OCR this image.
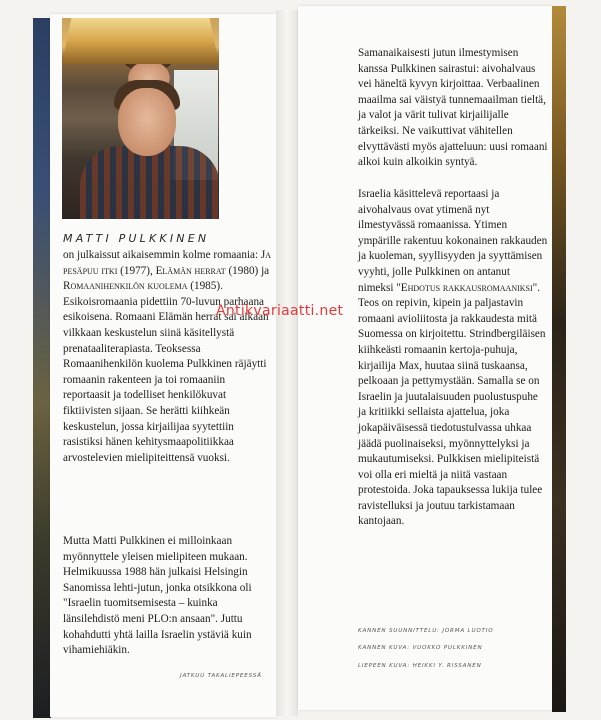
MATTI PULKKINEN
on julkaissut aikaisemmin kolme romaania: Ja pesäpuu itki (1977), Elämän herrat (1980) ja Romaanihenkilön kuolema (1985). Esikoisromaania pidettiin 70-luvun parhaana esikoisena. Romaani Elämän herrat sai aikaan vilkkaan keskustelun siinä käsitellystä prenataaliterapiasta. Teoksessa Romaanihenkilön kuolema Pulkkinen räjäytti romaanin rakenteen ja toi romaaniin reportaasit ja todelliset henkilökuvat fiktiivisten sijaan. Se herätti kiihkeän keskustelun, jossa kirjailijaa syytettiin rasistiksi hänen kehitysmaapolitiikkaa arvostelevien mielipiteittensä vuoksi.
Mutta Matti Pulkkinen ei milloinkaan myönnyttele yleisen mielipiteen mukaan. Helmikuussa 1988 hän julkaisi Helsingin Sanomissa lehti-jutun, jonka otsikkona oli "Israelin tuomitsemisesta – kuinka länsilehdistö meni PLO:n ansaan". Juttu kohahdutti yhtä lailla Israelin ystäviä kuin vihamiehiäkin.
JATKUU TAKALIEPEESSÄ
Samanaikaisesti jutun ilmestymisen kanssa Pulkkinen sairastui: aivohalvaus vei häneltä kyvyn kirjoittaa. Verbaalinen maailma sai väistyä tunnemaailman tieltä, ja valot ja värit tulivat kirjailijalle tärkeiksi. Ne vaikuttivat vähitellen elvyttävästi myös ajatteluun: uusi romaani alkoi kuin alkoikin syntyä.
Israelia käsittelevä reportaasi ja aivohalvaus ovat ytimenä nyt ilmestyvässä romaanissa. Ytimen ympärille rakentuu kokonainen rakkauden ja kuoleman, syyllisyyden ja syyttämisen vyyhti, jolle Pulkkinen on antanut nimeksi "Ehdotus rakkausromaaniksi". Teos on repivin, kipein ja paljastavin romaani avioliitosta ja rakkaudesta mitä Suomessa on kirjoitettu. Strindbergiläisen kiihkeästi romaanin kertoja-puhuja, kirjailija Max, huutaa siinä tuskaansa, pelkoaan ja pettymystään. Samalla se on Israelin ja juutalaisuuden puolustuspuhe ja kritiikki sellaista ajattelua, joka jokapäiväisessä tiedotustulvassa uhkaa jäädä puolinaiseksi, myönnyttelyksi ja mukautumiseksi. Pulkkisen mielipiteistä voi olla eri mieltä ja niitä vastaan protestoida. Joka tapauksessa lukija tulee ravistelluksi ja joutuu tarkistamaan kantojaan.
KANNEN SUUNNITTELU: JORMA LUOTIO
KANNEN KUVA: VUOKKO PULKKINEN
LIEPEEN KUVA: HEIKKI Y. RISSANEN
Antikvariaatti.net
